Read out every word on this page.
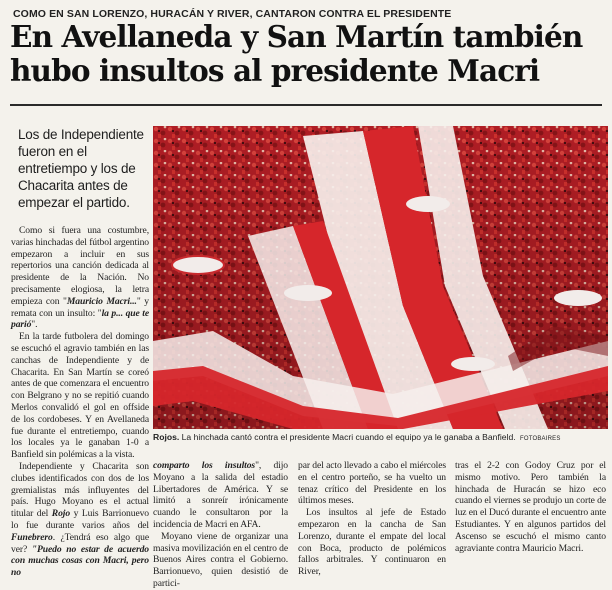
COMO EN SAN LORENZO, HURACÁN Y RIVER, CANTARON CONTRA EL PRESIDENTE
En Avellaneda y San Martín también hubo insultos al presidente Macri

Los de Independiente fueron en el entretiempo y los de Chacarita antes de empezar el partido.

Rojos. La hinchada cantó contra el presidente Macri cuando el equipo ya le ganaba a Banfield. FOTOBAIRES

Como si fuera una costumbre, varias hinchadas del fútbol argentino empezaron a incluir en sus repertorios una canción dedicada al presidente de la Nación. No precisamente elogiosa, la letra empieza con "Mauricio Macri..." y remata con un insulto: "la p... que te parió".

En la tarde futbolera del domingo se escuchó el agravio también en las canchas de Independiente y de Chacarita. En San Martín se coreó antes de que comenzara el encuentro con Belgrano y no se repitió cuando Merlos convalidó el gol en offside de los cordobeses. Y en Avellaneda fue durante el entretiempo, cuando los locales ya le ganaban 1-0 a Banfield sin polémicas a la vista.

Independiente y Chacarita son clubes identificados con dos de los gremialistas más influyentes del país. Hugo Moyano es el actual titular del Rojo y Luis Barrionuevo lo fue durante varios años del Funebrero. ¿Tendrá eso algo que ver? "Puedo no estar de acuerdo con muchas cosas con Macri, pero no

comparto los insultos", dijo Moyano a la salida del estadio Libertadores de América. Y se limitó a sonreír irónicamente cuando le consultaron por la incidencia de Macri en AFA.

Moyano viene de organizar una masiva movilización en el centro de Buenos Aires contra el Gobierno. Barrionuevo, quien desistió de partici-

par del acto llevado a cabo el miércoles en el centro porteño, se ha vuelto un tenaz crítico del Presidente en los últimos meses.

Los insultos al jefe de Estado empezaron en la cancha de San Lorenzo, durante el empate del local con Boca, producto de polémicos fallos arbitrales. Y continuaron en River,

tras el 2-2 con Godoy Cruz por el mismo motivo. Pero también la hinchada de Huracán se hizo eco cuando el viernes se produjo un corte de luz en el Ducó durante el encuentro ante Estudiantes. Y en algunos partidos del Ascenso se escuchó el mismo canto agraviante contra Mauricio Macri.
